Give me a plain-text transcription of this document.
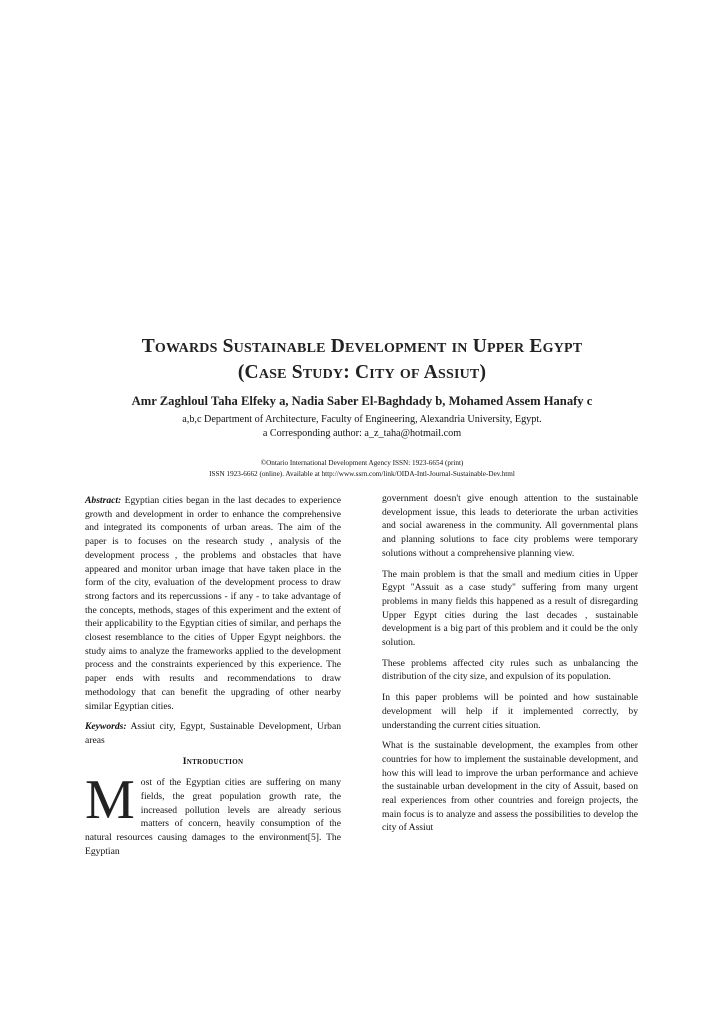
Towards Sustainable Development in Upper Egypt
(Case Study: City of Assiut)
Amr Zaghloul Taha Elfeky a, Nadia Saber El-Baghdady b, Mohamed Assem Hanafy c
a,b,c Department of Architecture, Faculty of Engineering, Alexandria University, Egypt.
a Corresponding author: a_z_taha@hotmail.com
©Ontario International Development Agency ISSN: 1923-6654 (print)
ISSN 1923-6662 (online). Available at http://www.ssrn.com/link/OIDA-Intl-Journal-Sustainable-Dev.html

Abstract: Egyptian cities began in the last decades to experience growth and development in order to enhance the comprehensive and integrated its components of urban areas. The aim of the paper is to focuses on the research study , analysis of the development process , the problems and obstacles that have appeared and monitor urban image that have taken place in the form of the city, evaluation of the development process to draw strong factors and its repercussions - if any - to take advantage of the concepts, methods, stages of this experiment and the extent of their applicability to the Egyptian cities of similar, and perhaps the closest resemblance to the cities of Upper Egypt neighbors. the study aims to analyze the frameworks applied to the development process and the constraints experienced by this experience. The paper ends with results and recommendations to draw methodology that can benefit the upgrading of other nearby similar Egyptian cities.

Keywords: Assiut city, Egypt, Sustainable Development, Urban areas

Introduction

Most of the Egyptian cities are suffering on many fields, the great population growth rate, the increased pollution levels are already serious matters of concern, heavily consumption of the natural resources causing damages to the environment[5]. The Egyptian

government doesn't give enough attention to the sustainable development issue, this leads to deteriorate the urban activities and social awareness in the community. All governmental plans and planning solutions to face city problems were temporary solutions without a comprehensive planning view.

The main problem is that the small and medium cities in Upper Egypt "Assuit as a case study" suffering from many urgent problems in many fields this happened as a result of disregarding Upper Egypt cities during the last decades , sustainable development is a big part of this problem and it could be the only solution.

These problems affected city rules such as unbalancing the distribution of the city size, and expulsion of its population.

In this paper problems will be pointed and how sustainable development will help if it implemented correctly, by understanding the current cities situation.

What is the sustainable development, the examples from other countries for how to implement the sustainable development, and how this will lead to improve the urban performance and achieve the sustainable urban development in the city of Assuit, based on real experiences from other countries and foreign projects, the main focus is to analyze and assess the possibilities to develop the city of Assiut
